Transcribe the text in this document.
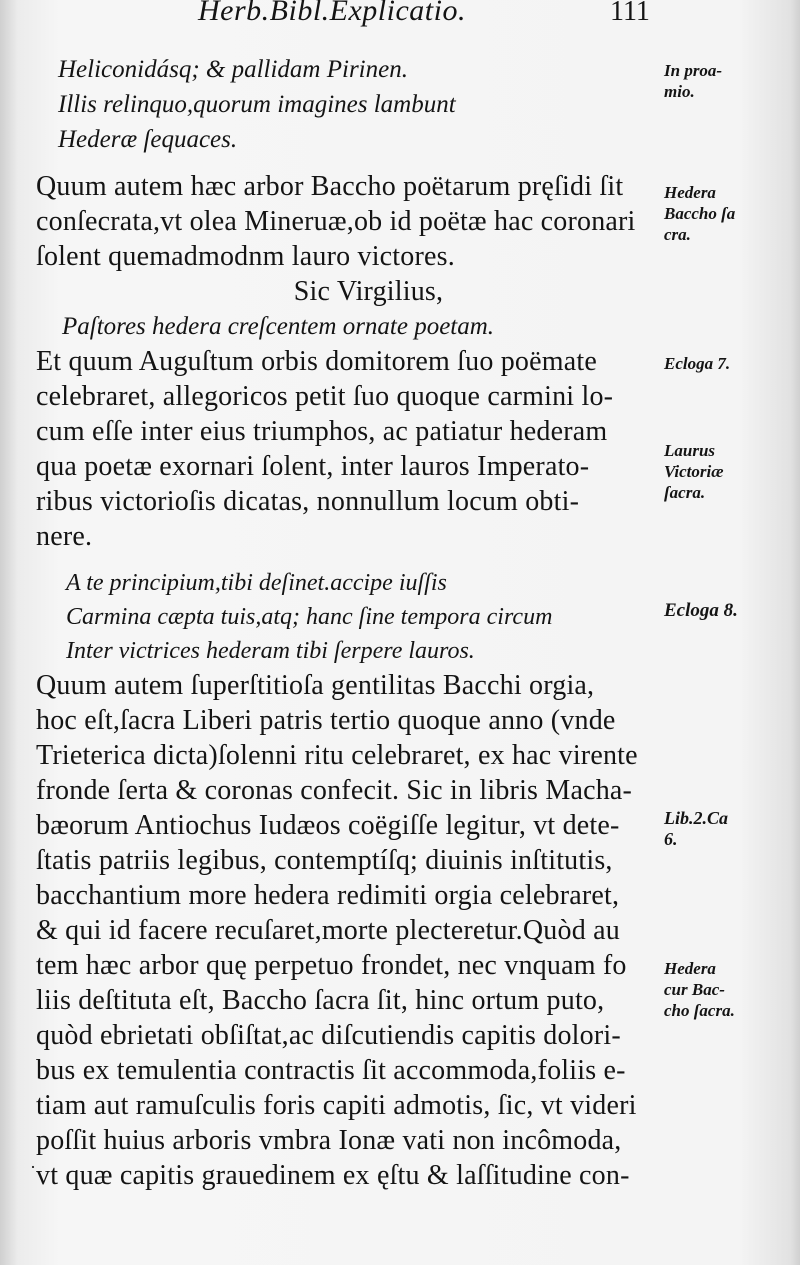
Herb.Bibl.Explicatio.	111
Heliconidásq; & pallidam Pirinen.
Illis relinquo,quorum imagines lambunt
Hederæ ſequaces.
Quum autem hæc arbor Baccho poëtarum pręſidi ſit
conſecrata,vt olea Mineruæ,ob id poëtæ hac coronari
ſolent quemadmodnm lauro victores.
Sic Virgilius,
Paſtores hedera creſcentem ornate poetam.
Et quum Auguſtum orbis domitorem ſuo poëmate
celebraret, allegoricos petit ſuo quoque carmini lo-
cum eſſe inter eius triumphos, ac patiatur hederam
qua poetæ exornari ſolent, inter lauros Imperato-
ribus victorioſis dicatas, nonnullum locum obti-
nere.
A te principium,tibi deſinet.accipe iuſſis
Carmina cæpta tuis,atq; hanc ſine tempora circum
Inter victrices hederam tibi ſerpere lauros.
Quum autem ſuperſtitioſa gentilitas Bacchi orgia,
hoc eſt,ſacra Liberi patris tertio quoque anno (vnde
Trieterica dicta)ſolenni ritu celebraret, ex hac virente
fronde ſerta & coronas confecit. Sic in libris Macha-
bæorum Antiochus Iudæos coëgiſſe legitur, vt dete-
ſtatis patriis legibus, contemptíſq; diuinis inſtitutis,
bacchantium more hedera redimiti orgia celebraret,
& qui id facere recuſaret,morte plecteretur.Quòd au
tem hæc arbor quę perpetuo frondet, nec vnquam fo
liis deſtituta eſt, Baccho ſacra ſit, hinc ortum puto,
quòd ebrietati obſiſtat,ac diſcutiendis capitis dolori-
bus ex temulentia contractis ſit accommoda,foliis e-
tiam aut ramuſculis foris capiti admotis, ſic, vt videri
poſſit huius arboris vmbra Ionæ vati non incômoda,
vt quæ capitis grauedinem ex ęſtu & laſſitudine con-
In proa-
mio.
Hedera
Baccho ſa
cra.
Ecloga 7.
Laurus
Victoriæ
ſacra.
Ecloga 8.
Lib.2.Ca
6.
Hedera
cur Bac-
cho ſacra.
·
